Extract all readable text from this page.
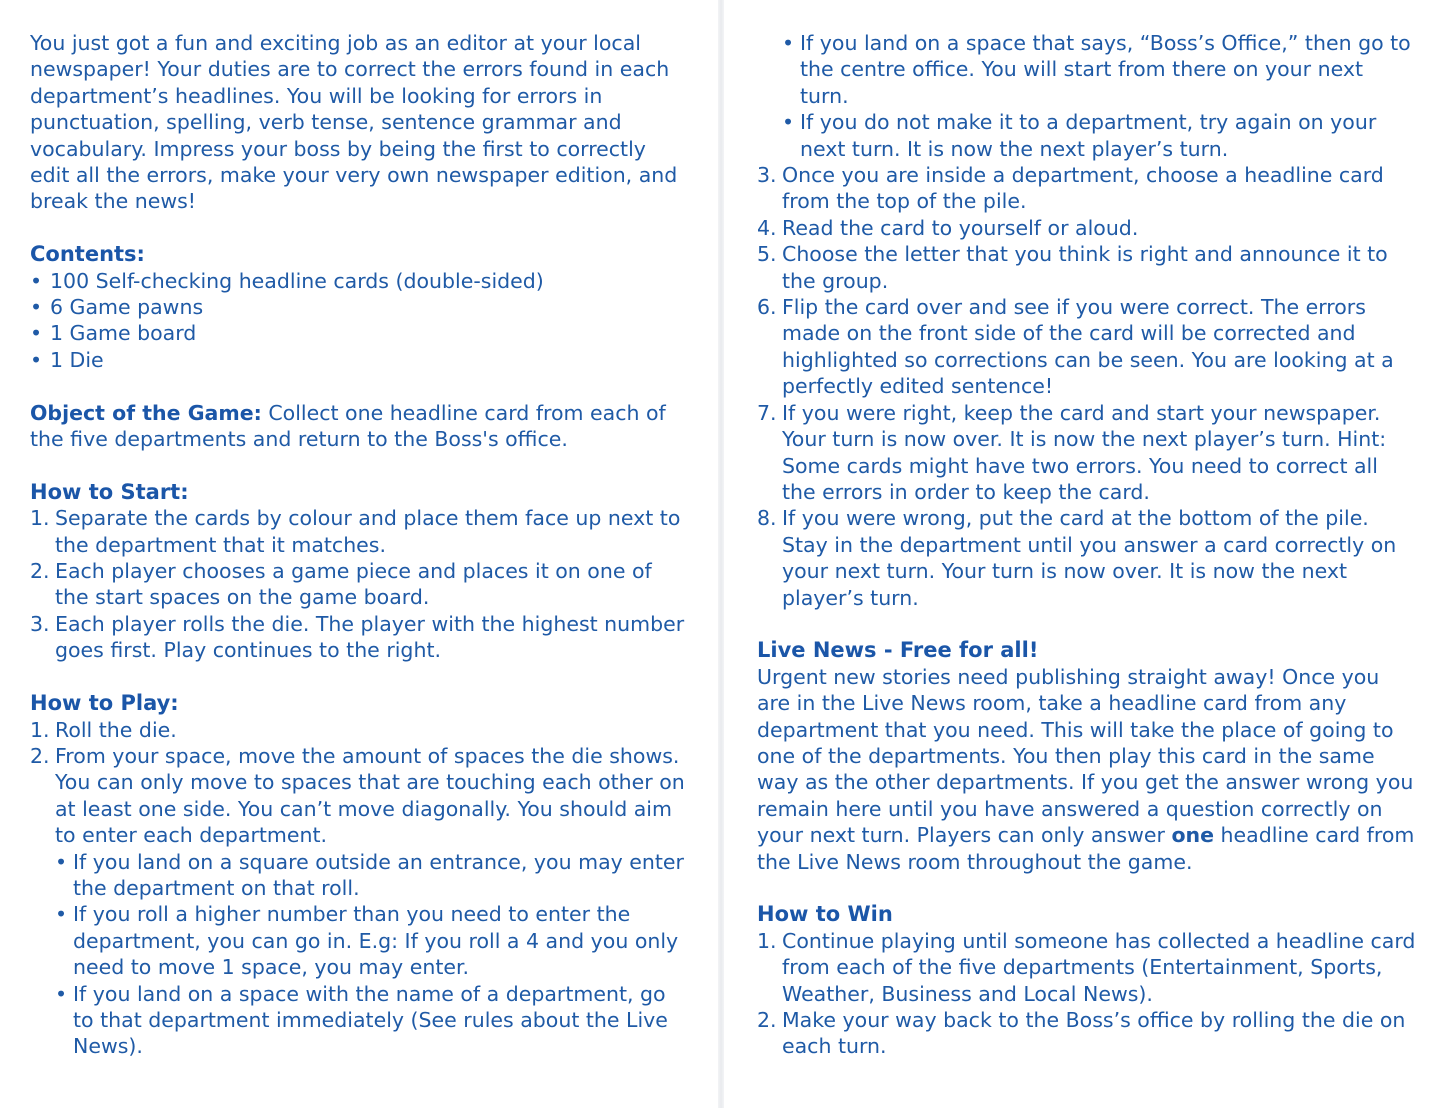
You just got a fun and exciting job as an editor at your local newspaper! Your duties are to correct the errors found in each department’s headlines. You will be looking for errors in punctuation, spelling, verb tense, sentence grammar and vocabulary. Impress your boss by being the first to correctly edit all the errors, make your very own newspaper edition, and break the news!

Contents:
• 100 Self-checking headline cards (double-sided)
• 6 Game pawns
• 1 Game board
• 1 Die

Object of the Game: Collect one headline card from each of the five departments and return to the Boss's office.

How to Start:
1. Separate the cards by colour and place them face up next to the department that it matches.
2. Each player chooses a game piece and places it on one of the start spaces on the game board.
3. Each player rolls the die. The player with the highest number goes first. Play continues to the right.
How to Play:
1. Roll the die.
2. From your space, move the amount of spaces the die shows. You can only move to spaces that are touching each other on at least one side. You can’t move diagonally. You should aim to enter each department.
• If you land on a square outside an entrance, you may enter the department on that roll.
• If you roll a higher number than you need to enter the department, you can go in. E.g: If you roll a 4 and you only need to move 1 space, you may enter.
• If you land on a space with the name of a department, go to that department immediately (See rules about the Live News).
• If you land on a space that says, “Boss’s Office,” then go to the centre office. You will start from there on your next turn.
• If you do not make it to a department, try again on your next turn. It is now the next player’s turn.
3. Once you are inside a department, choose a headline card from the top of the pile.
4. Read the card to yourself or aloud.
5. Choose the letter that you think is right and announce it to the group.
6. Flip the card over and see if you were correct. The errors made on the front side of the card will be corrected and highlighted so corrections can be seen. You are looking at a perfectly edited sentence!
7. If you were right, keep the card and start your newspaper. Your turn is now over. It is now the next player’s turn. Hint: Some cards might have two errors. You need to correct all the errors in order to keep the card.
8. If you were wrong, put the card at the bottom of the pile. Stay in the department until you answer a card correctly on your next turn. Your turn is now over. It is now the next player’s turn.
Live News - Free for all!

Urgent new stories need publishing straight away! Once you are in the Live News room, take a headline card from any department that you need. This will take the place of going to one of the departments. You then play this card in the same way as the other departments. If you get the answer wrong you remain here until you have answered a question correctly on your next turn. Players can only answer one headline card from the Live News room throughout the game.

How to Win
1. Continue playing until someone has collected a headline card from each of the five departments (Entertainment, Sports, Weather, Business and Local News).
2. Make your way back to the Boss’s office by rolling the die on each turn.
